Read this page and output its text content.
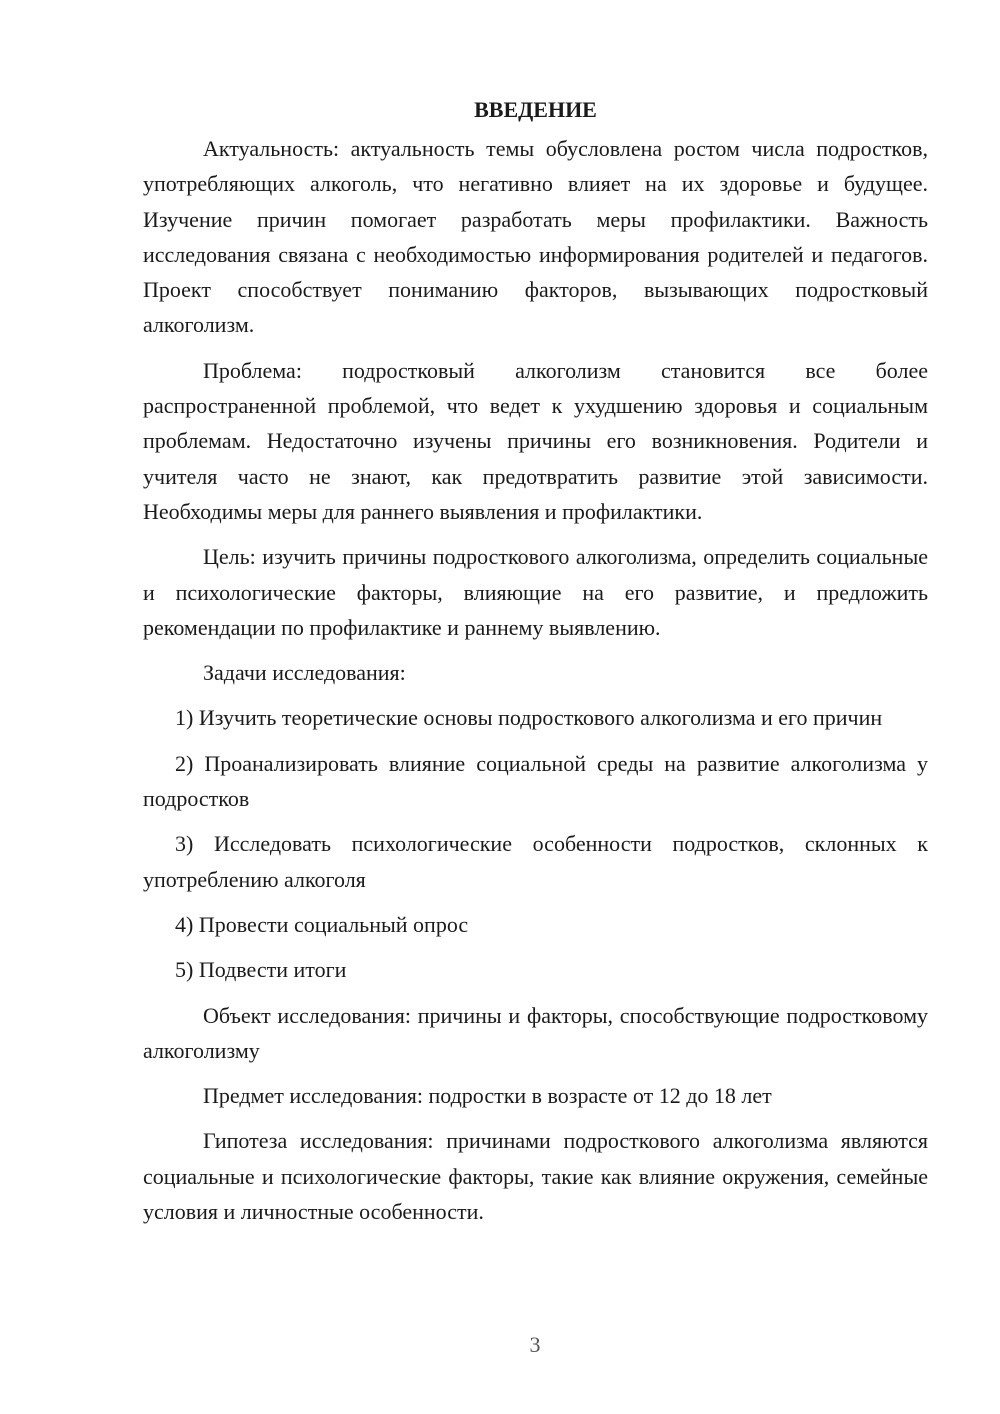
ВВЕДЕНИЕ

Актуальность: актуальность темы обусловлена ростом числа подростков, употребляющих алкоголь, что негативно влияет на их здоровье и будущее. Изучение причин помогает разработать меры профилактики. Важность исследования связана с необходимостью информирования родителей и педагогов. Проект способствует пониманию факторов, вызывающих подростковый алкоголизм.

Проблема: подростковый алкоголизм становится все более распространенной проблемой, что ведет к ухудшению здоровья и социальным проблемам. Недостаточно изучены причины его возникновения. Родители и учителя часто не знают, как предотвратить развитие этой зависимости. Необходимы меры для раннего выявления и профилактики.

Цель: изучить причины подросткового алкоголизма, определить социальные и психологические факторы, влияющие на его развитие, и предложить рекомендации по профилактике и раннему выявлению.

Задачи исследования:

1) Изучить теоретические основы подросткового алкоголизма и его причин

2) Проанализировать влияние социальной среды на развитие алкоголизма у подростков

3) Исследовать психологические особенности подростков, склонных к употреблению алкоголя

4) Провести социальный опрос

5) Подвести итоги

Объект исследования: причины и факторы, способствующие подростковому алкоголизму

Предмет исследования: подростки в возрасте от 12 до 18 лет

Гипотеза исследования: причинами подросткового алкоголизма являются социальные и психологические факторы, такие как влияние окружения, семейные условия и личностные особенности.

3
